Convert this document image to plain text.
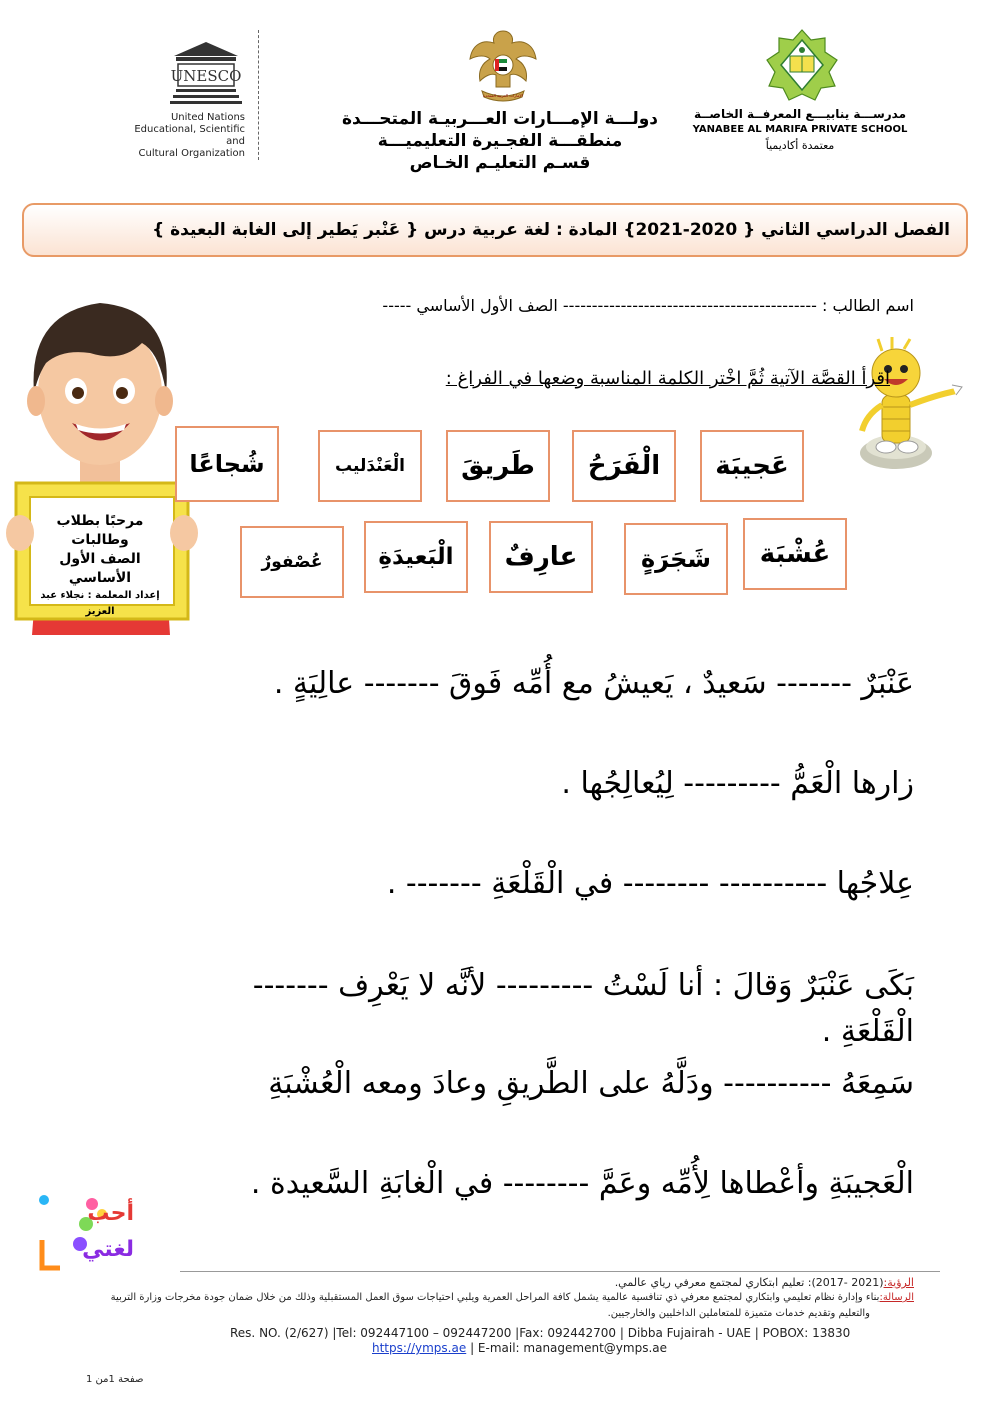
UNESCO
United Nations
Educational, Scientific and
Cultural Organization
الإمارات العربية المتحدة
دولـــة الإمـــارات العـــربيـة المتحـــدة
منطقـــة الفجـيرة التعليميـــة
قسـم التعليـم الخـاص
مدرســـة ينابيـــع المعرفــة الخاصــة
YANABEE AL MARIFA PRIVATE SCHOOL
معتمدة أكاديمياً
الفصل الدراسي الثاني { 2020-2021} المادة : لغة عربية درس { عَنْبر يَطير إلى الغابة البعيدة }
اسم الطالب : -------------------------------------------- الصف الأول الأساسي -----
مرحبًا بطلاب وطالبات
الصف الأول الأساسي
إعداد المعلمة : نجلاء عبد العزيز
اقرأ القصَّة الآتية ثُمَّ اخْتر الكلمة المناسبة وضعها في الفراغ :
عَجيبَة
الْفَرَحُ
طَريقَ
الْعَنْدَليب
شُجاعًا
عُشْبَة
شَجَرَةٍ
عارِفٌ
الْبَعيدَةِ
عُصْفورٌ
عَنْبَرٌ ------- سَعيدٌ ، يَعيشُ مع أُمِّه فَوقَ ------- عالِيَةٍ .
زارها الْعَمُّ --------- لِيُعالِجُها .
عِلاجُها ---------- -------- في الْقَلْعَةِ ------- .
بَكَى عَنْبَرٌ وَقالَ : أنا لَسْتُ --------- لأنَّه لا يَعْرِف -------
الْقَلْعَةِ .
سَمِعَهُ ---------- ودَلَّهُ على الطَّريقِ وعادَ ومعه الْعُشْبَةِ
الْعَجيبَةِ وأعْطاها لِأُمِّه وعَمَّ -------- في الْغابَةِ السَّعيدة .
أحب
لغتي
الرؤية:(2021 -2017): تعليم ابتكاري لمجتمع معرفي رياي عالمي.
الرسالة:بناء وإدارة نظام تعليمي وابتكاري لمجتمع معرفي ذي تنافسية عالمية يشمل كافة المراحل العمرية ويلبي احتياجات سوق العمل المستقبلية وذلك من خلال ضمان جودة مخرجات وزارة التربية
والتعليم وتقديم خدمات متميزة للمتعاملين الداخليين والخارجيين.
Res. NO. (2/627) |Tel: 092447100 – 092447200 |Fax: 092442700 | Dibba Fujairah - UAE | POBOX: 13830
https://ymps.ae | E-mail: management@ymps.ae
صفحة 1من 1
